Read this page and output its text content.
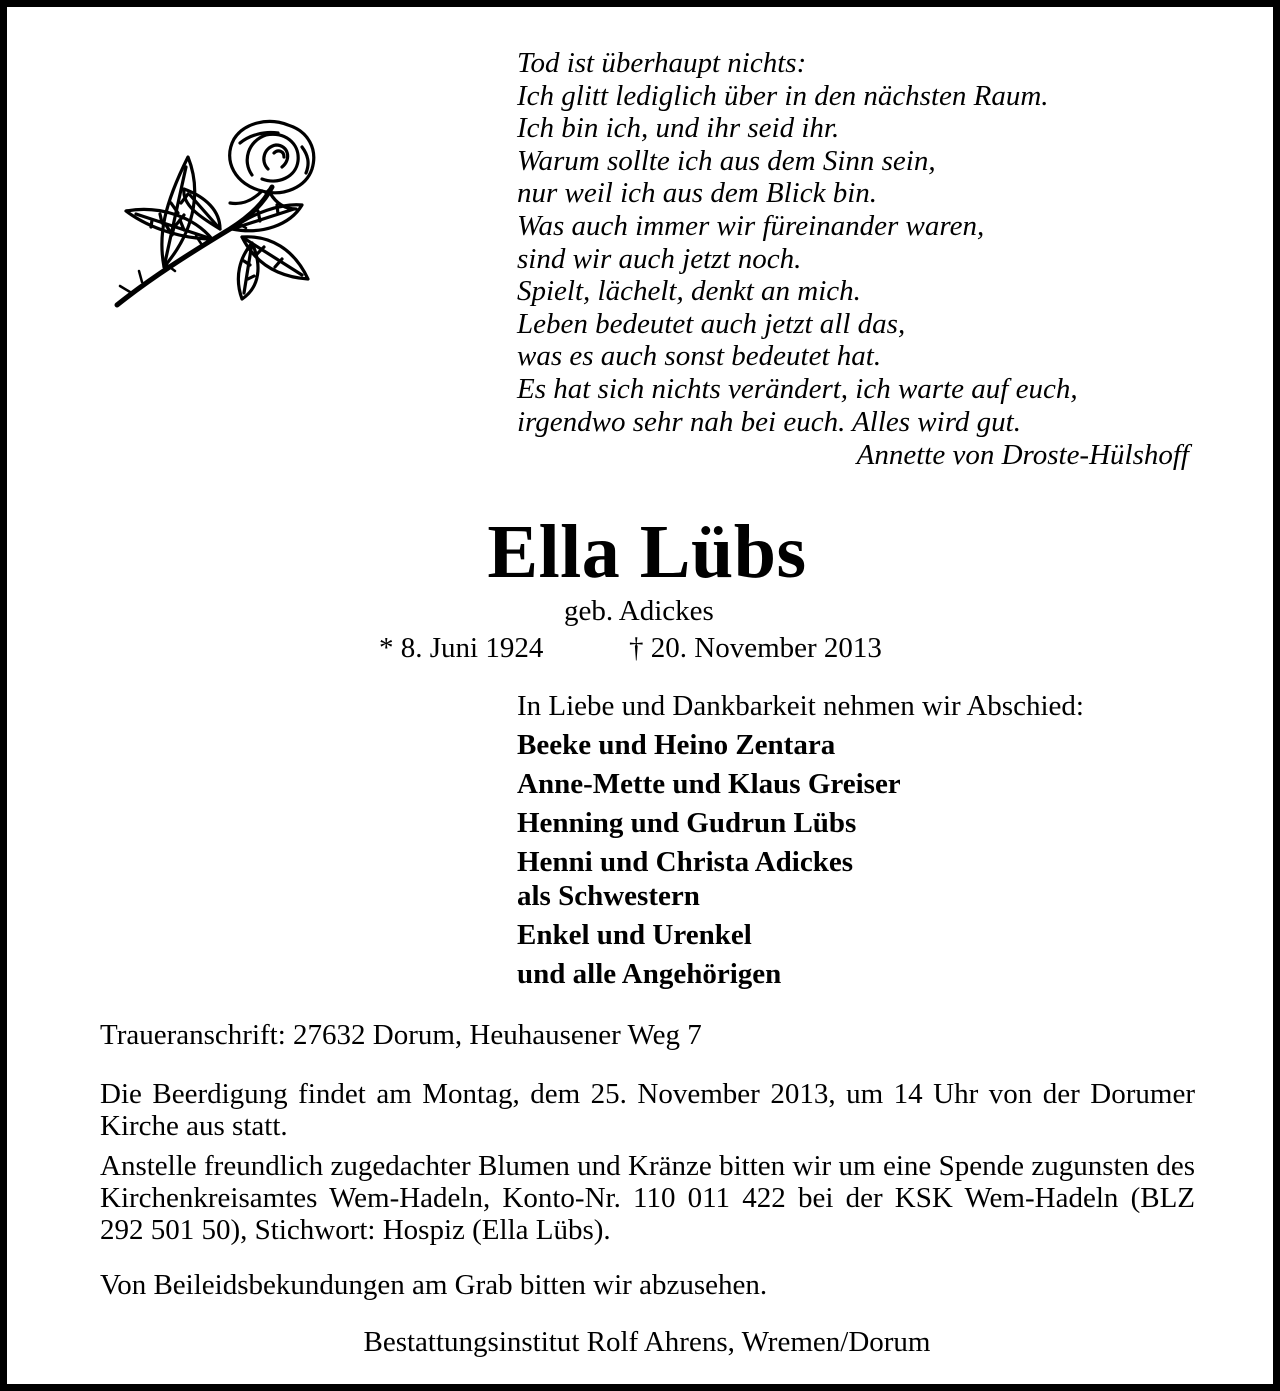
Tod ist überhaupt nichts:
Ich glitt lediglich über in den nächsten Raum.
Ich bin ich, und ihr seid ihr.
Warum sollte ich aus dem Sinn sein,
nur weil ich aus dem Blick bin.
Was auch immer wir füreinander waren,
sind wir auch jetzt noch.
Spielt, lächelt, denkt an mich.
Leben bedeutet auch jetzt all das,
was es auch sonst bedeutet hat.
Es hat sich nichts verändert, ich warte auf euch,
irgendwo sehr nah bei euch. Alles wird gut.
Annette von Droste-Hülshoff
Ella Lübs
geb. Adickes
* 8. Juni 1924	† 20. November 2013
In Liebe und Dankbarkeit nehmen wir Abschied:
Beeke und Heino Zentara
Anne-Mette und Klaus Greiser
Henning und Gudrun Lübs
Henni und Christa Adickes
als Schwestern
Enkel und Urenkel
und alle Angehörigen
Traueranschrift: 27632 Dorum, Heuhausener Weg 7
Die Beerdigung findet am Montag, dem 25. November 2013, um 14 Uhr von der Dorumer Kirche aus statt.
Anstelle freundlich zugedachter Blumen und Kränze bitten wir um eine Spende zugunsten des Kirchenkreisamtes Wem-Hadeln, Konto-Nr. 110 011 422 bei der KSK Wem-Hadeln (BLZ 292 501 50), Stichwort: Hospiz (Ella Lübs).
Von Beileidsbekundungen am Grab bitten wir abzusehen.
Bestattungsinstitut Rolf Ahrens, Wremen/Dorum
